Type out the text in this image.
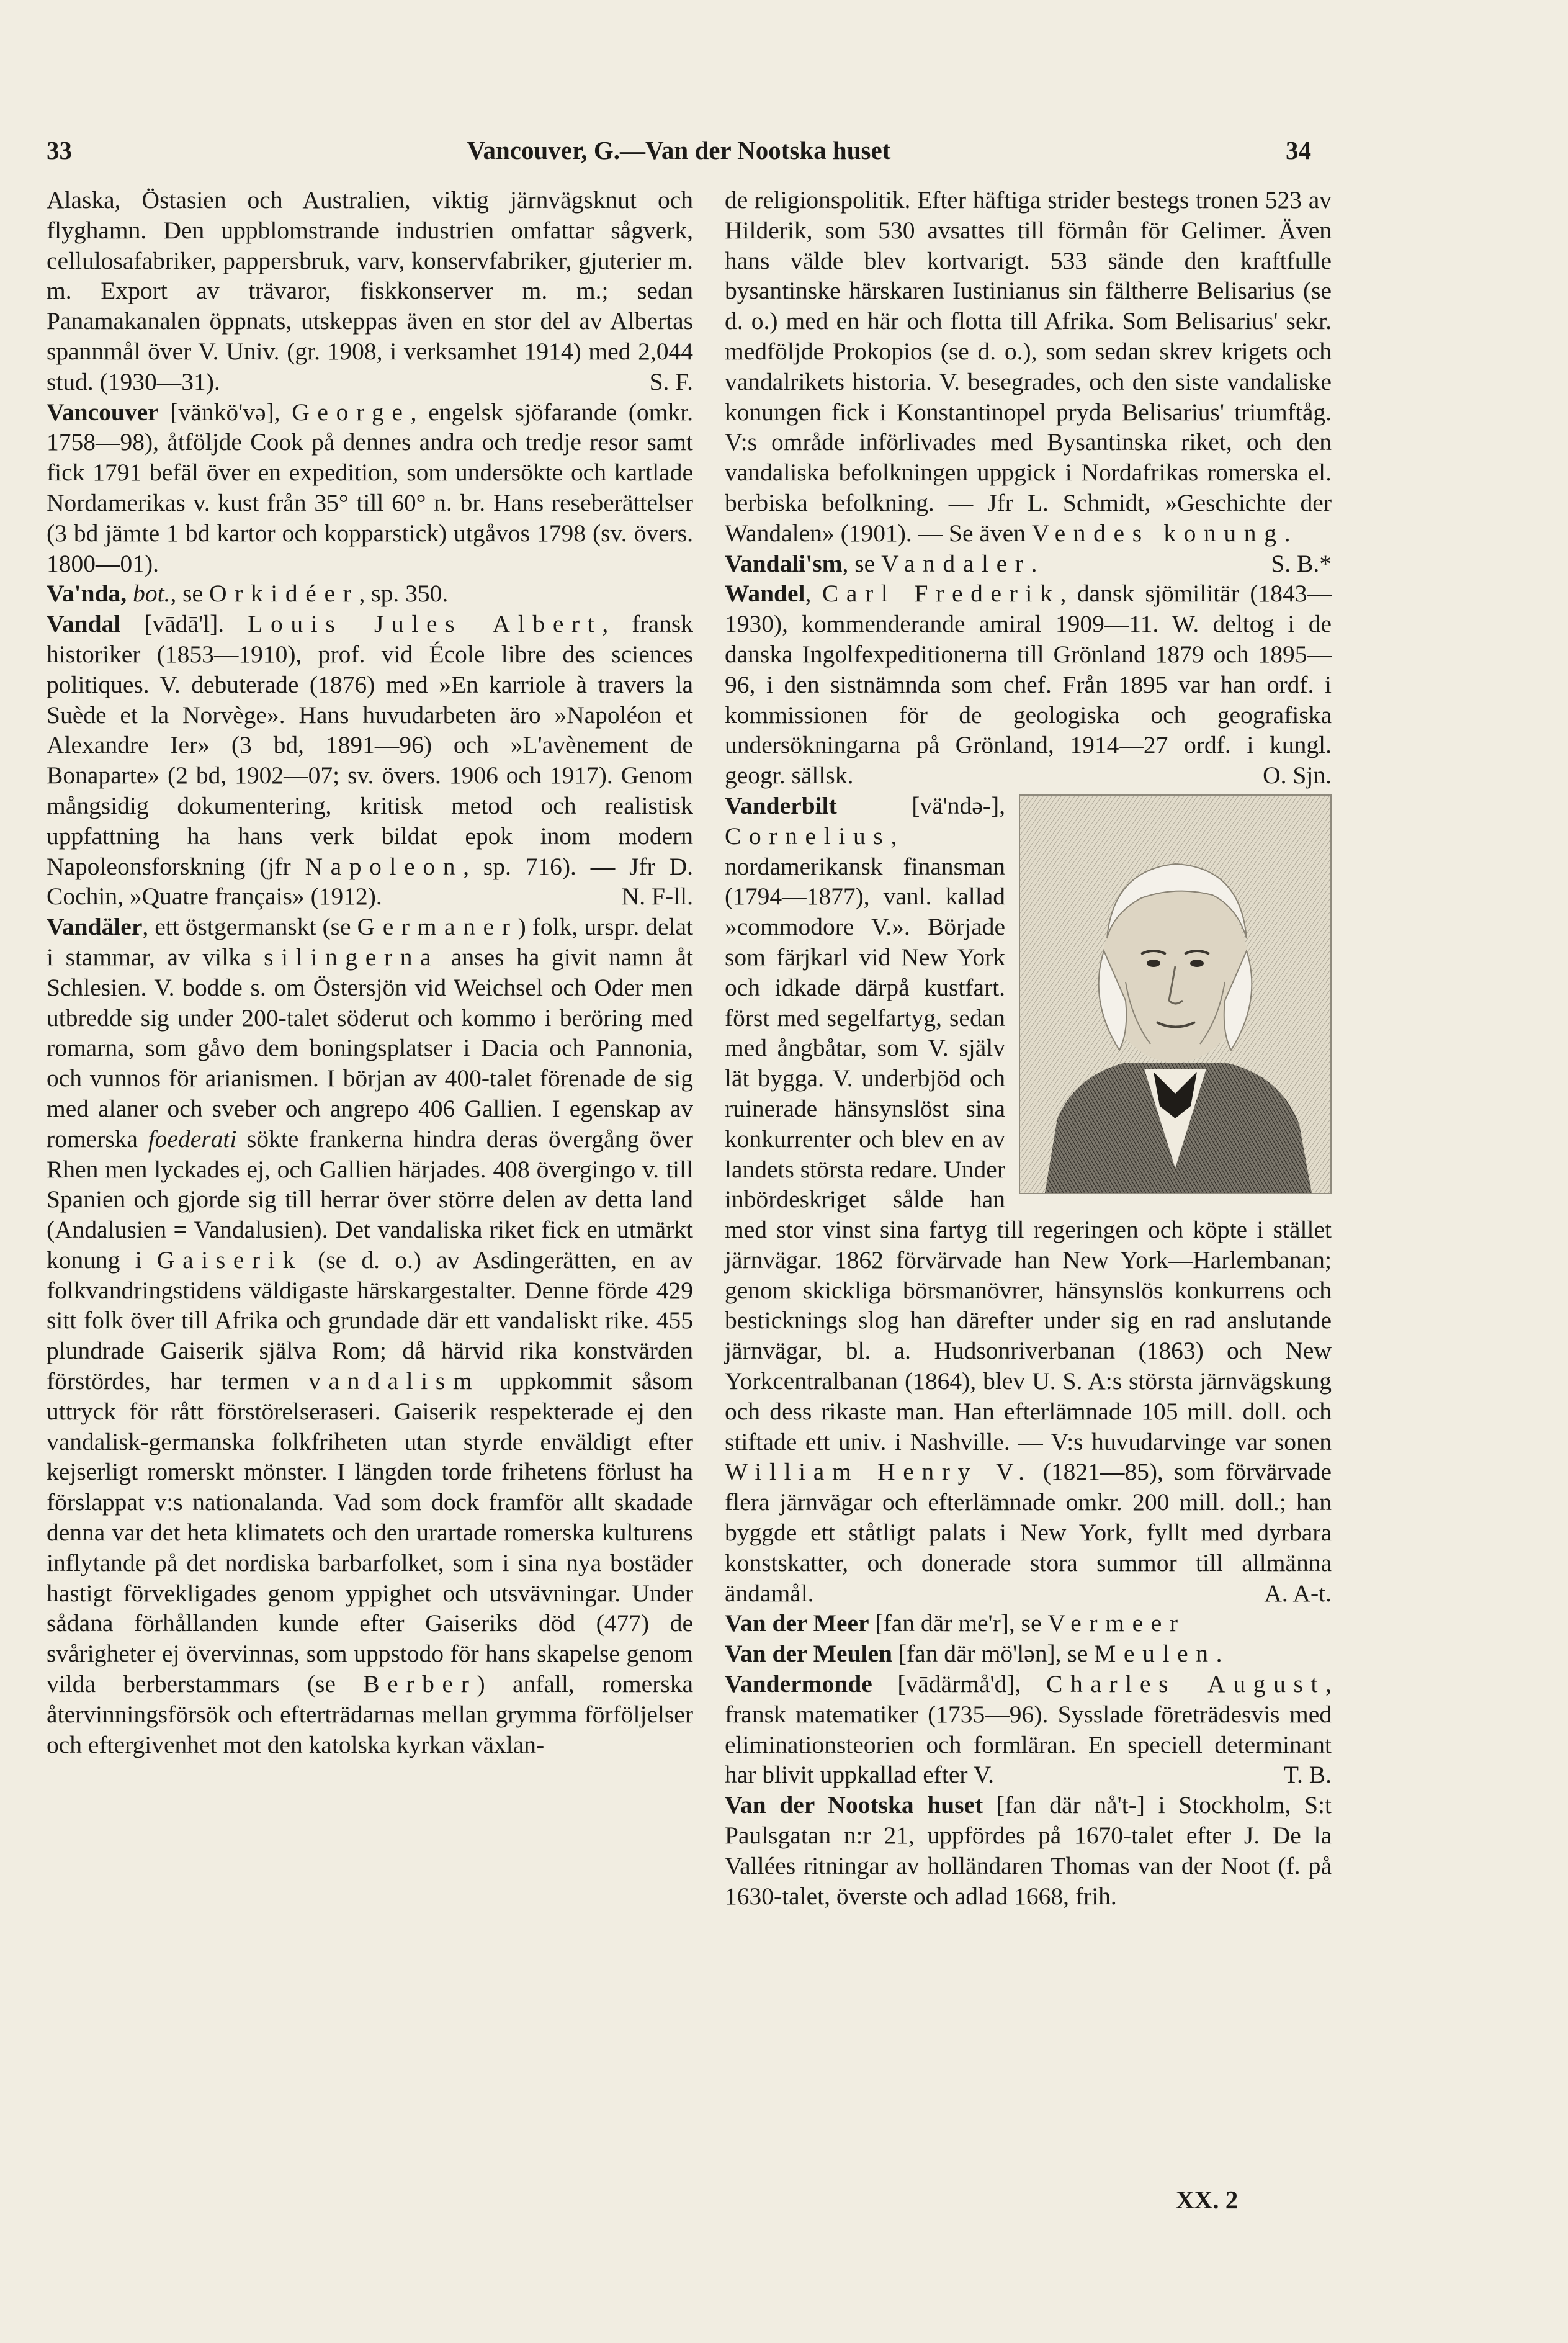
33	Vancouver, G.—Van der Nootska huset	34

Alaska, Östasien och Australien, viktig järnvägsknut och flyghamn. Den uppblomstrande industrien omfattar sågverk, cellulosafabriker, pappersbruk, varv, konservfabriker, gjuterier m. m. Export av trävaror, fiskkonserver m. m.; sedan Panamakanalen öppnats, utskeppas även en stor del av Albertas spannmål över V. Univ. (gr. 1908, i verksamhet 1914) med 2,044 stud. (1930—31).	S. F.

Vancouver [vänkö'və], George, engelsk sjöfarande (omkr. 1758—98), åtföljde Cook på dennes andra och tredje resor samt fick 1791 befäl över en expedition, som undersökte och kartlade Nordamerikas v. kust från 35° till 60° n. br. Hans reseberättelser (3 bd jämte 1 bd kartor och kopparstick) utgåvos 1798 (sv. övers. 1800—01).

Va'nda, bot., se Orkidéer, sp. 350.

Vandal [vādā'l]. Louis Jules Albert, fransk historiker (1853—1910), prof. vid École libre des sciences politiques. V. debuterade (1876) med »En karriole à travers la Suède et la Norvège». Hans huvudarbeten äro »Napoléon et Alexandre Ier» (3 bd, 1891—96) och »L'avènement de Bonaparte» (2 bd, 1902—07; sv. övers. 1906 och 1917). Genom mångsidig dokumentering, kritisk metod och realistisk uppfattning ha hans verk bildat epok inom modern Napoleonsforskning (jfr Napoleon, sp. 716). — Jfr D. Cochin, »Quatre français» (1912).	N. F-ll.

Vandäler, ett östgermanskt (se Germaner) folk, urspr. delat i stammar, av vilka silingerna anses ha givit namn åt Schlesien. V. bodde s. om Östersjön vid Weichsel och Oder men utbredde sig under 200-talet söderut och kommo i beröring med romarna, som gåvo dem boningsplatser i Dacia och Pannonia, och vunnos för arianismen. I början av 400-talet förenade de sig med alaner och sveber och angrepo 406 Gallien. I egenskap av romerska foederati sökte frankerna hindra deras övergång över Rhen men lyckades ej, och Gallien härjades. 408 övergingo v. till Spanien och gjorde sig till herrar över större delen av detta land (Andalusien = Vandalusien). Det vandaliska riket fick en utmärkt konung i Gaiserik (se d. o.) av Asdingerätten, en av folkvandringstidens väldigaste härskargestalter. Denne förde 429 sitt folk över till Afrika och grundade där ett vandaliskt rike. 455 plundrade Gaiserik själva Rom; då härvid rika konstvärden förstördes, har termen vandalism uppkommit såsom uttryck för rått förstörelseraseri. Gaiserik respekterade ej den vandalisk-germanska folkfriheten utan styrde enväldigt efter kejserligt romerskt mönster. I längden torde frihetens förlust ha förslappat v:s nationalanda. Vad som dock framför allt skadade denna var det heta klimatets och den urartade romerska kulturens inflytande på det nordiska barbarfolket, som i sina nya bostäder hastigt förvekligades genom yppighet och utsvävningar. Under sådana förhållanden kunde efter Gaiseriks död (477) de svårigheter ej övervinnas, som uppstodo för hans skapelse genom vilda berberstammars (se Berber) anfall, romerska återvinningsförsök och efterträdarnas mellan grymma förföljelser och eftergivenhet mot den katolska kyrkan växlan-

de religionspolitik. Efter häftiga strider bestegs tronen 523 av Hilderik, som 530 avsattes till förmån för Gelimer. Även hans välde blev kortvarigt. 533 sände den kraftfulle bysantinske härskaren Iustinianus sin fältherre Belisarius (se d. o.) med en här och flotta till Afrika. Som Belisarius' sekr. medföljde Prokopios (se d. o.), som sedan skrev krigets och vandalrikets historia. V. besegrades, och den siste vandaliske konungen fick i Konstantinopel pryda Belisarius' triumftåg. V:s område införlivades med Bysantinska riket, och den vandaliska befolkningen uppgick i Nordafrikas romerska el. berbiska befolkning. — Jfr L. Schmidt, »Geschichte der Wandalen» (1901). — Se även Vendes konung.
S. B.*

Vandali'sm, se Vandaler.

Wandel, Carl Frederik, dansk sjömilitär (1843—1930), kommenderande amiral 1909—11. W. deltog i de danska Ingolfexpeditionerna till Grönland 1879 och 1895—96, i den sistnämnda som chef. Från 1895 var han ordf. i kommissionen för de geologiska och geografiska undersökningarna på Grönland, 1914—27 ordf. i kungl. geogr. sällsk.	O. Sjn.

Vanderbilt [vä'ndə-], Cornelius, nordamerikansk finansman (1794—1877), vanl. kallad »commodore V.». Började som färjkarl vid New York och idkade därpå kustfart. först med segelfartyg, sedan med ångbåtar, som V. själv lät bygga. V. underbjöd och ruinerade hänsynslöst sina konkurrenter och blev en av landets största redare. Under inbördeskriget sålde han med stor vinst sina fartyg till regeringen och köpte i stället järnvägar. 1862 förvärvade han New York—Harlembanan; genom skickliga börsmanövrer, hänsynslös konkurrens och besticknings slog han därefter under sig en rad anslutande järnvägar, bl. a. Hudsonriverbanan (1863) och New Yorkcentralbanan (1864), blev U. S. A:s största järnvägskung och dess rikaste man. Han efterlämnade 105 mill. doll. och stiftade ett univ. i Nashville. — V:s huvudarvinge var sonen William Henry V. (1821—85), som förvärvade flera järnvägar och efterlämnade omkr. 200 mill. doll.; han byggde ett ståtligt palats i New York, fyllt med dyrbara konstskatter, och donerade stora summor till allmänna ändamål.	A. A-t.

Van der Meer [fan där me'r], se Vermeer

Van der Meulen [fan där mö'lən], se Meulen.

Vandermonde [vādärmå'd], Charles August, fransk matematiker (1735—96). Sysslade företrädesvis med eliminationsteorien och formläran. En speciell determinant har blivit uppkallad efter V.	T. B.

Van der Nootska huset [fan där nå't-] i Stockholm, S:t Paulsgatan n:r 21, uppfördes på 1670-talet efter J. De la Vallées ritningar av holländaren Thomas van der Noot (f. på 1630-talet, överste och adlad 1668, frih.

XX. 2
